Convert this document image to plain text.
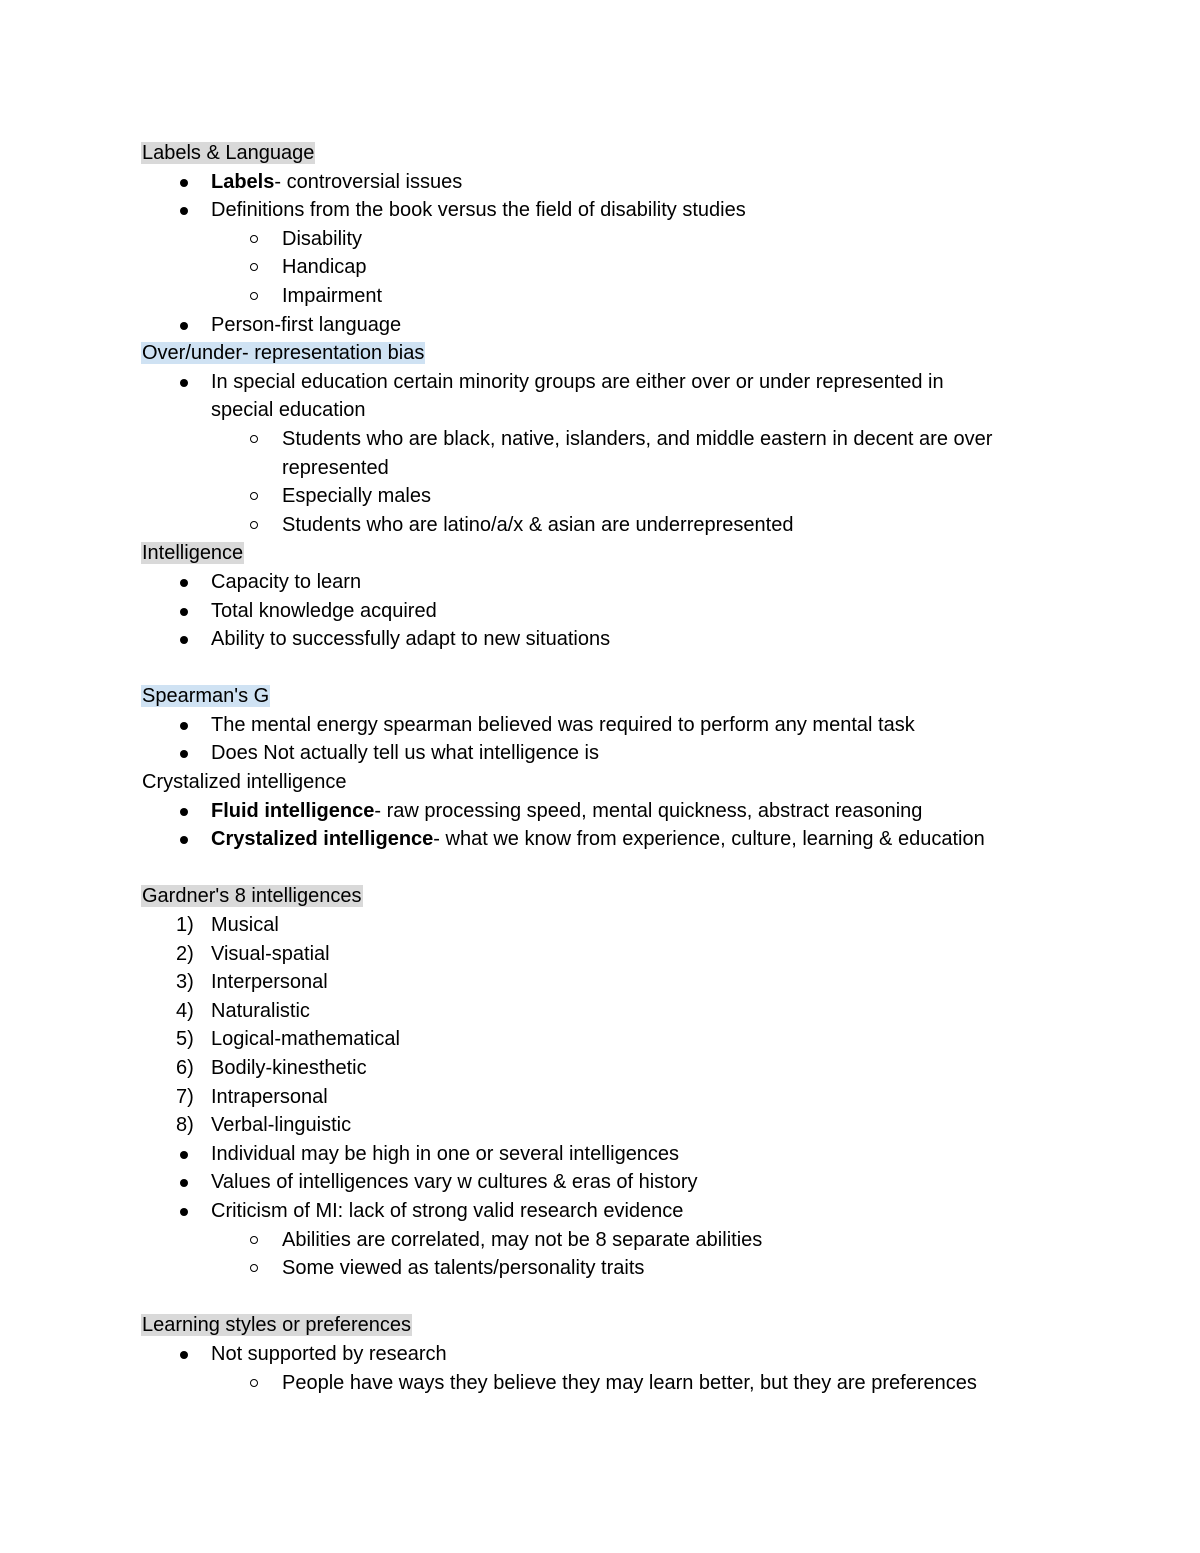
Labels & Language
Labels- controversial issues
Definitions from the book versus the field of disability studies
Disability
Handicap
Impairment
Person-first language
Over/under- representation bias
In special education certain minority groups are either over or under represented in
special education
Students who are black, native, islanders, and middle eastern in decent are over
represented
Especially males
Students who are latino/a/x & asian are underrepresented
Intelligence
Capacity to learn
Total knowledge acquired
Ability to successfully adapt to new situations
Spearman's G
The mental energy spearman believed was required to perform any mental task
Does Not actually tell us what intelligence is
Crystalized intelligence
Fluid intelligence- raw processing speed, mental quickness, abstract reasoning
Crystalized intelligence- what we know from experience, culture, learning & education
Gardner's 8 intelligences
1) Musical
2) Visual-spatial
3) Interpersonal
4) Naturalistic
5) Logical-mathematical
6) Bodily-kinesthetic
7) Intrapersonal
8) Verbal-linguistic
Individual may be high in one or several intelligences
Values of intelligences vary w cultures & eras of history
Criticism of MI: lack of strong valid research evidence
Abilities are correlated, may not be 8 separate abilities
Some viewed as talents/personality traits
Learning styles or preferences
Not supported by research
People have ways they believe they may learn better, but they are preferences
